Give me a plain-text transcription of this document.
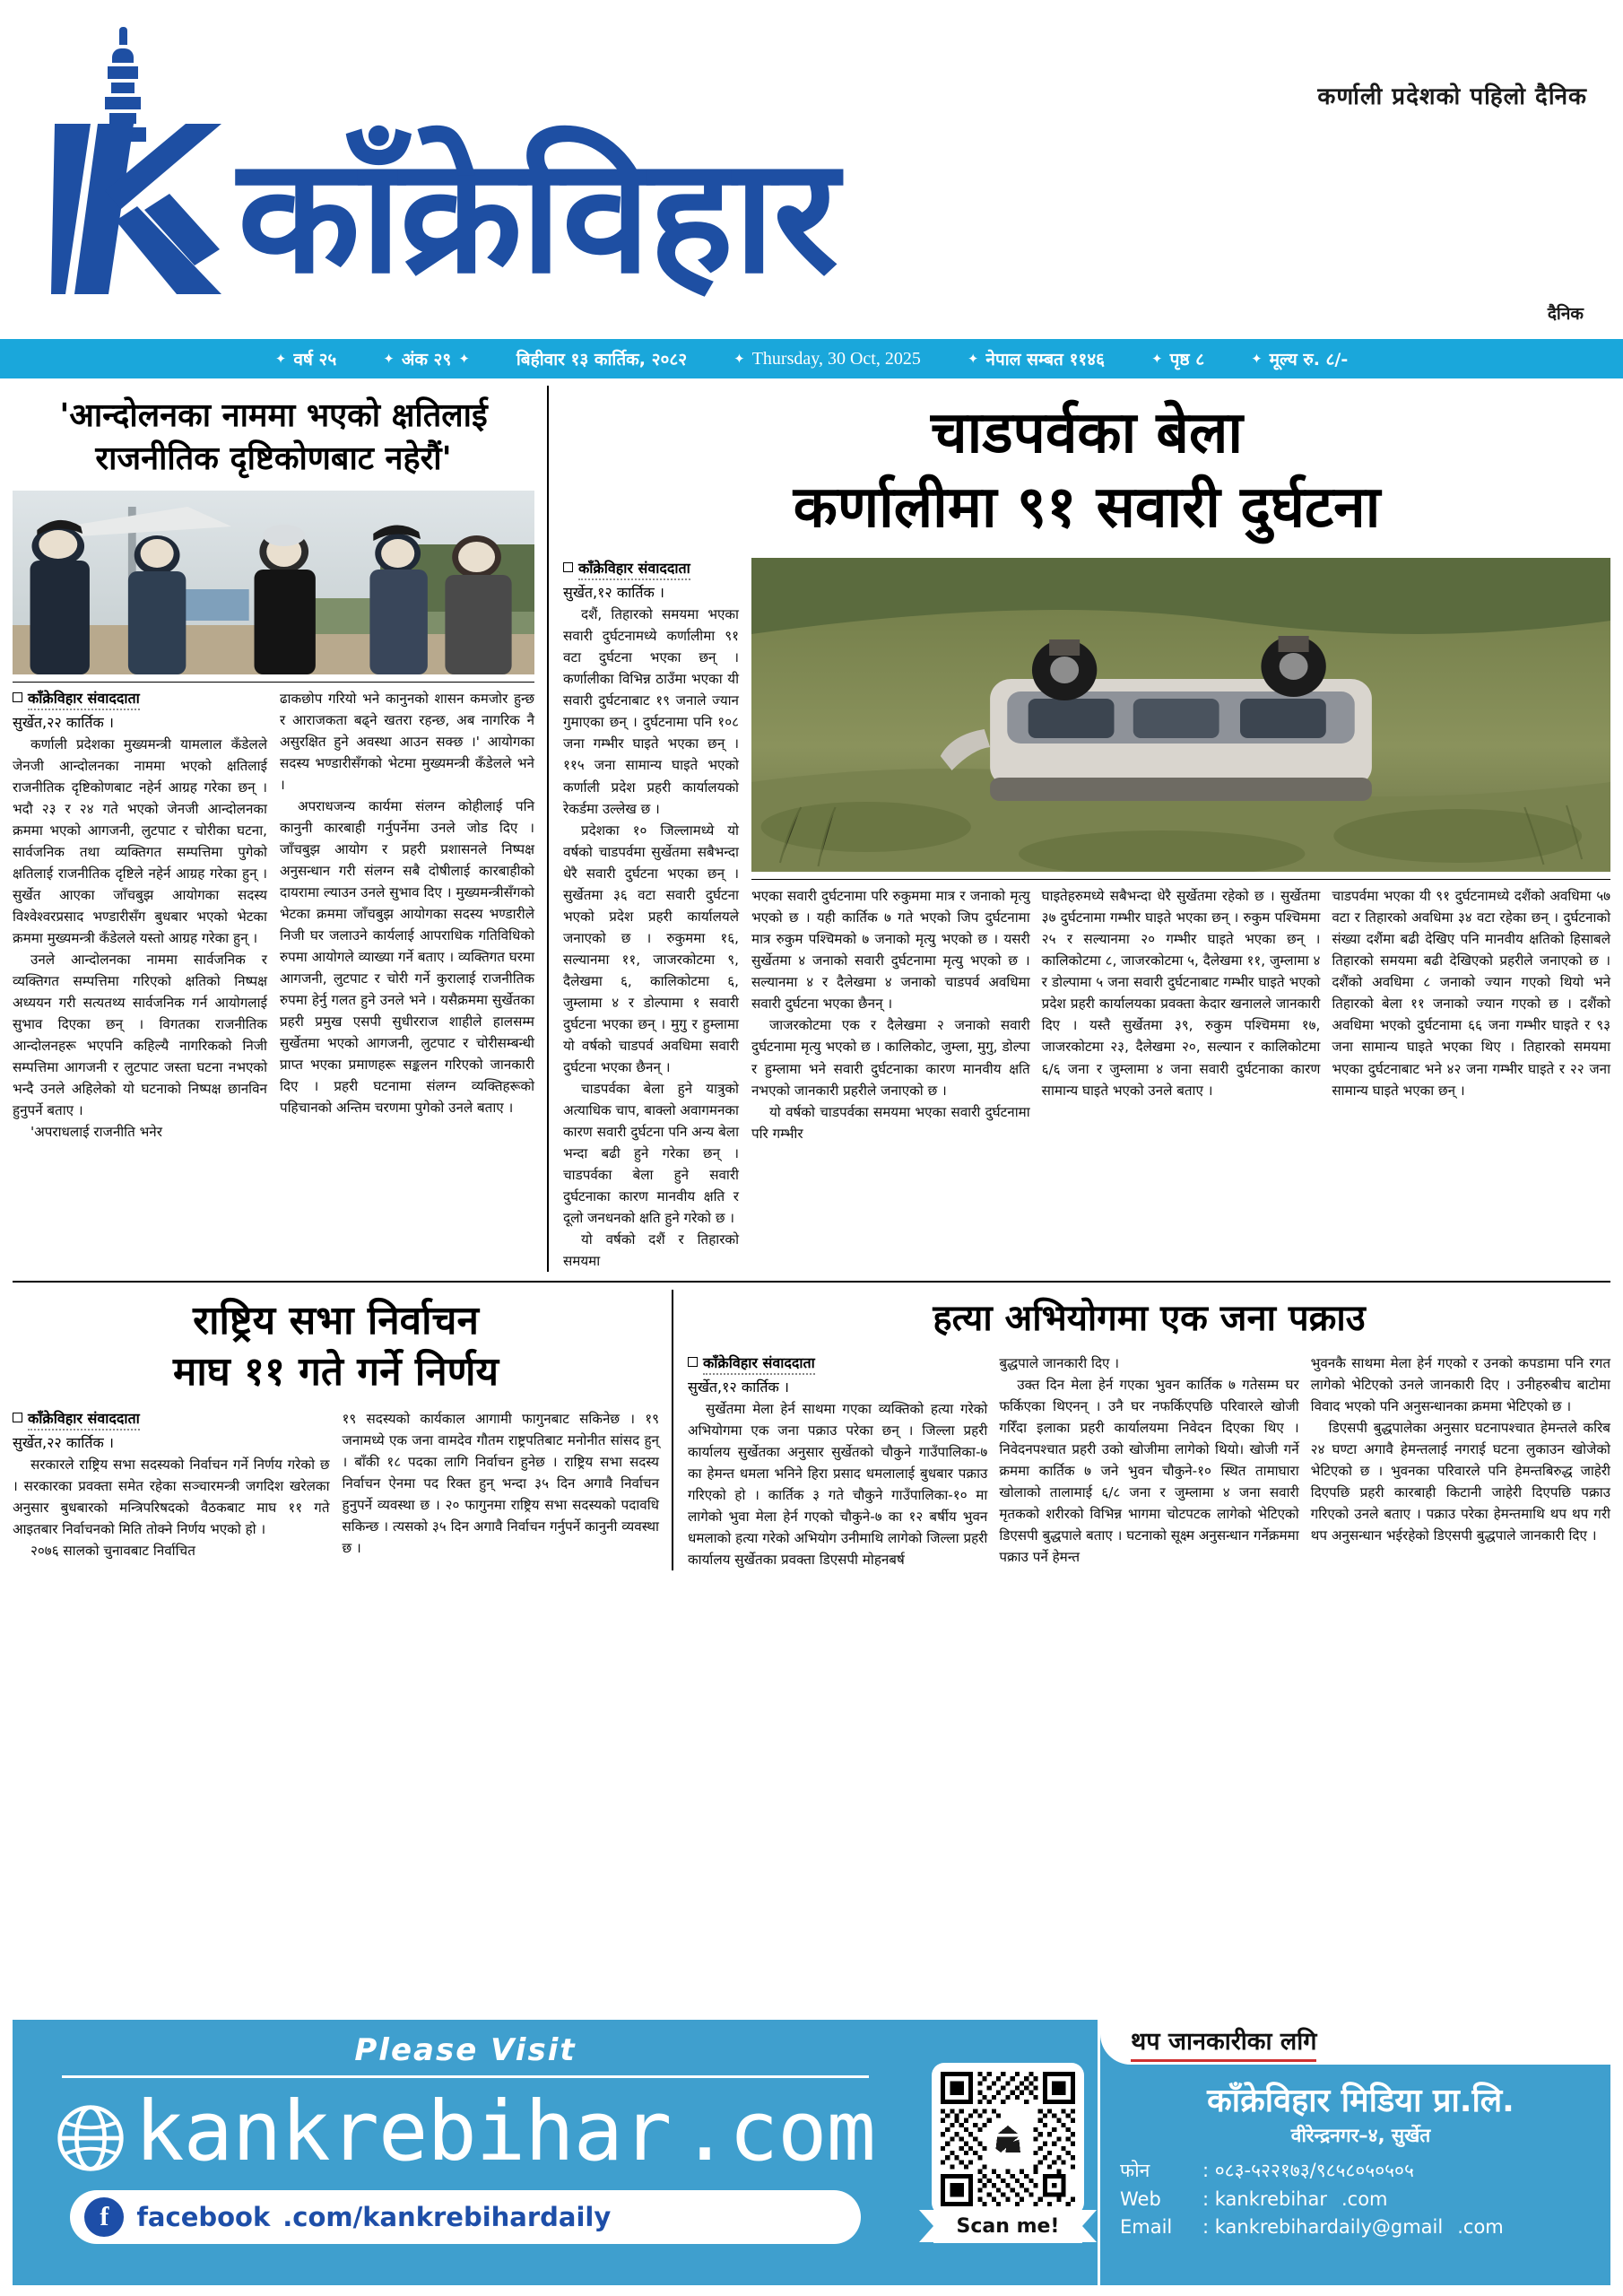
काँक्रेविहार
कर्णाली प्रदेशको पहिलो दैनिक
दैनिक
✦ वर्ष २५	✦ अंक २९ ✦	बिहीवार १३ कार्तिक, २०८२	✦ Thursday, 30 Oct, 2025	✦ नेपाल सम्बत ११४६	✦ पृष्ठ ८	✦ मूल्य रु. ८/-
'आन्दोलनका नाममा भएको क्षतिलाई
राजनीतिक दृष्टिकोणबाट नहेरौं'
काँक्रेविहार संवाददाता
सुर्खेत,२२ कार्तिक ।

कर्णाली प्रदेशका मुख्यमन्त्री यामलाल कँडेलले जेनजी आन्दोलनका नाममा भएको क्षतिलाई राजनीतिक दृष्टिकोणबाट नहेर्न आग्रह गरेका छन् । भदौ २३ र २४ गते भएको जेनजी आन्दोलनका क्रममा भएको आगजनी, लुटपाट र चोरीका घटना, सार्वजनिक तथा व्यक्तिगत सम्पत्तिमा पुगेको क्षतिलाई राजनीतिक दृष्टिले नहेर्न आग्रह गरेका हुन् । सुर्खेत आएका जाँचबुझ आयोगका सदस्य विश्वेश्वरप्रसाद भण्डारीसँग बुधबार भएको भेटका क्रममा मुख्यमन्त्री कँडेलले यस्तो आग्रह गरेका हुन् ।

उनले आन्दोलनका नाममा सार्वजनिक र व्यक्तिगत सम्पत्तिमा गरिएको क्षतिको निष्पक्ष अध्ययन गरी सत्यतथ्य सार्वजनिक गर्न आयोगलाई सुभाव दिएका छन् । विगतका राजनीतिक आन्दोलनहरू भएपनि कहिल्यै नागरिकको निजी सम्पत्तिमा आगजनी र लुटपाट जस्ता घटना नभएको भन्दै उनले अहिलेको यो घटनाको निष्पक्ष छानविन हुनुपर्ने बताए ।

'अपराधलाई राजनीति भनेर

ढाकछोप गरियो भने कानुनको शासन कमजोर हुन्छ र आराजकता बढ्ने खतरा रहन्छ, अब नागरिक नै असुरक्षित हुने अवस्था आउन सक्छ ।' आयोगका सदस्य भण्डारीसँगको भेटमा मुख्यमन्त्री कँडेलले भने ।

अपराधजन्य कार्यमा संलग्न कोहीलाई पनि कानुनी कारबाही गर्नुपर्नेमा उनले जोड दिए । जाँचबुझ आयोग र प्रहरी प्रशासनले निष्पक्ष अनुसन्धान गरी संलग्न सबै दोषीलाई कारबाहीको दायरामा ल्याउन उनले सुभाव दिए । मुख्यमन्त्रीसँगको भेटका क्रममा जाँचबुझ आयोगका सदस्य भण्डारीले निजी घर जलाउने कार्यलाई आपराधिक गतिविधिको रुपमा आयोगले व्याख्या गर्ने बताए । व्यक्तिगत घरमा आगजनी, लुटपाट र चोरी गर्ने कुरालाई राजनीतिक रुपमा हेर्नु गलत हुने उनले भने । यसैक्रममा सुर्खेतका प्रहरी प्रमुख एसपी सुधीरराज शाहीले हालसम्म सुर्खेतमा भएको आगजनी, लुटपाट र चोरीसम्बन्धी प्राप्त भएका प्रमाणहरू सङ्कलन गरिएको जानकारी दिए । प्रहरी घटनामा संलग्न व्यक्तिहरूको पहिचानको अन्तिम चरणमा पुगेको उनले बताए ।

चाडपर्वका बेला
कर्णालीमा ९१ सवारी दुर्घटना
काँक्रेविहार संवाददाता
सुर्खेत,१२ कार्तिक ।

दशैं, तिहारको समयमा भएका सवारी दुर्घटनामध्ये कर्णालीमा ९१ वटा दुर्घटना भएका छन् । कर्णालीका विभिन्न ठाउँमा भएका यी सवारी दुर्घटनाबाट १९ जनाले ज्यान गुमाएका छन् । दुर्घटनामा पनि १०८ जना गम्भीर घाइते भएका छन् । ११५ जना सामान्य घाइते भएको कर्णाली प्रदेश प्रहरी कार्यालयको रेकर्डमा उल्लेख छ ।

प्रदेशका १० जिल्लामध्ये यो वर्षको चाडपर्वमा सुर्खेतमा सबैभन्दा धेरै सवारी दुर्घटना भएका छन् । सुर्खेतमा ३६ वटा सवारी दुर्घटना भएको प्रदेश प्रहरी कार्यालयले जनाएको छ । रुकुममा १६, सल्यानमा ११, जाजरकोटमा ९, दैलेखमा ६, कालिकोटमा ६, जुम्लामा ४ र डोल्पामा १ सवारी दुर्घटना भएका छन् । मुगु र हुम्लामा यो वर्षको चाडपर्व अवधिमा सवारी दुर्घटना भएका छैनन् ।

चाडपर्वका बेला हुने यात्रुको अत्याधिक चाप, बाक्लो अवागमनका कारण सवारी दुर्घटना पनि अन्य बेला भन्दा बढी हुने गरेका छन् । चाडपर्वका बेला हुने सवारी दुर्घटनाका कारण मानवीय क्षति र दूलो जनधनको क्षति हुने गरेको छ ।

यो वर्षको दशैं र तिहारको समयमा

भएका सवारी दुर्घटनामा परि रुकुममा मात्र र जनाको मृत्यु भएको छ । यही कार्तिक ७ गते भएको जिप दुर्घटनामा मात्र रुकुम पश्चिमको ७ जनाको मृत्यु भएको छ । यसरी सुर्खेतमा ४ जनाको सवारी दुर्घटनामा मृत्यु भएको छ । सल्यानमा ४ र दैलेखमा ४ जनाको चाडपर्व अवधिमा सवारी दुर्घटना भएका छैनन् ।

जाजरकोटमा एक र दैलेखमा २ जनाको सवारी दुर्घटनामा मृत्यु भएको छ । कालिकोट, जुम्ला, मुगु, डोल्पा र हुम्लामा भने सवारी दुर्घटनाका कारण मानवीय क्षति नभएको जानकारी प्रहरीले जनाएको छ ।

यो वर्षको चाडपर्वका समयमा भएका सवारी दुर्घटनामा परि गम्भीर

घाइतेहरुमध्ये सबैभन्दा धेरै सुर्खेतमा रहेको छ । सुर्खेतमा ३७ दुर्घटनामा गम्भीर घाइते भएका छन् । रुकुम पश्चिममा २५ र सल्यानमा २० गम्भीर घाइते भएका छन् । कालिकोटमा ८, जाजरकोटमा ५, दैलेखमा ११, जुम्लामा ४ र डोल्पामा ५ जना सवारी दुर्घटनाबाट गम्भीर घाइते भएको प्रदेश प्रहरी कार्यालयका प्रवक्ता केदार खनालले जानकारी दिए । यस्तै सुर्खेतमा ३९, रुकुम पश्चिममा १७, जाजरकोटमा २३, दैलेखमा २०, सल्यान र कालिकोटमा ६/६ जना र जुम्लामा ४ जना सवारी दुर्घटनाका कारण सामान्य घाइते भएको उनले बताए ।

चाडपर्वमा भएका यी ९१ दुर्घटनामध्ये दशैंको अवधिमा ५७ वटा र तिहारको अवधिमा ३४ वटा रहेका छन् । दुर्घटनाको संख्या दशैंमा बढी देखिए पनि मानवीय क्षतिको हिसाबले तिहारको समयमा बढी देखिएको प्रहरीले जनाएको छ । दशैंको अवधिमा ८ जनाको ज्यान गएको थियो भने तिहारको बेला ११ जनाको ज्यान गएको छ । दशैंको अवधिमा भएको दुर्घटनामा ६६ जना गम्भीर घाइते र ९३ जना सामान्य घाइते भएका थिए । तिहारको समयमा भएका दुर्घटनाबाट भने ४२ जना गम्भीर घाइते र २२ जना सामान्य घाइते भएका छन् ।

राष्ट्रिय सभा निर्वाचन
माघ ११ गते गर्ने निर्णय
काँक्रेविहार संवाददाता
सुर्खेत,२२ कार्तिक ।

सरकारले राष्ट्रिय सभा सदस्यको निर्वाचन गर्ने निर्णय गरेको छ । सरकारका प्रवक्ता समेत रहेका सञ्चारमन्त्री जगदिश खरेलका अनुसार बुधबारको मन्त्रिपरिषदको वैठकबाट माघ ११ गते आइतबार निर्वाचनको मिति तोक्ने निर्णय भएको हो ।

२०७६ सालको चुनावबाट निर्वाचित

१९ सदस्यको कार्यकाल आगामी फागुनबाट सकिनेछ । १९ जनामध्ये एक जना वामदेव गौतम राष्ट्रपतिबाट मनोनीत सांसद हुन् । बाँकी १८ पदका लागि निर्वाचन हुनेछ । राष्ट्रिय सभा सदस्य निर्वाचन ऐनमा पद रिक्त हुन् भन्दा ३५ दिन अगावै निर्वाचन हुनुपर्ने व्यवस्था छ । २० फागुनमा राष्ट्रिय सभा सदस्यको पदावधि सकिन्छ । त्यसको ३५ दिन अगावै निर्वाचन गर्नुपर्ने कानुनी व्यवस्था छ ।

हत्या अभियोगमा एक जना पक्राउ
काँक्रेविहार संवाददाता
सुर्खेत,१२ कार्तिक ।

सुर्खेतमा मेला हेर्न साथमा गएका व्यक्तिको हत्या गरेको अभियोगमा एक जना पक्राउ परेका छन् । जिल्ला प्रहरी कार्यालय सुर्खेतका अनुसार सुर्खेतको चौकुने गाउँपालिका-७ का हेमन्त धमला भनिने हिरा प्रसाद धमलालाई बुधबार पक्राउ गरिएको हो । कार्तिक ३ गते चौकुने गाउँपालिका-१० मा लागेको भुवा मेला हेर्न गएको चौकुने-७ का १२ बर्षीय भुवन धमलाको हत्या गरेको अभियोग उनीमाथि लागेको जिल्ला प्रहरी कार्यालय सुर्खेतका प्रवक्ता डिएसपी मोहनबर्ष

बुद्धपाले जानकारी दिए ।

उक्त दिन मेला हेर्न गएका भुवन कार्तिक ७ गतेसम्म घर फर्किएका थिएनन् । उनै घर नफर्किएपछि परिवारले खोजी गरिँदा इलाका प्रहरी कार्यालयमा निवेदन दिएका थिए । निवेदनपश्चात प्रहरी उको खोजीमा लागेको थियो। खोजी गर्ने क्रममा कार्तिक ७ जने भुवन चौकुने-१० स्थित तामाघारा खोलाको तालामाई ६/८ जना र जुम्लामा ४ जना सवारी मृतकको शरीरको विभिन्न भागमा चोटपटक लागेको भेटिएको डिएसपी बुद्धपाले बताए । घटनाको सूक्ष्म अनुसन्धान गर्नेक्रममा पक्राउ पर्ने हेमन्त

भुवनकै साथमा मेला हेर्न गएको र उनको कपडामा पनि रगत लागेको भेटिएको उनले जानकारी दिए । उनीहरुबीच बाटोमा विवाद भएको पनि अनुसन्धानका क्रममा भेटिएको छ ।

डिएसपी बुद्धपालेका अनुसार घटनापश्चात हेमन्तले करिब २४ घण्टा अगावै हेमन्तलाई नगराई घटना लुकाउन खोजेको भेटिएको छ । भुवनका परिवारले पनि हेमन्तबिरुद्ध जाहेरी दिएपछि प्रहरी कारबाही किटानी जाहेरी दिएपछि पक्राउ गरिएको उनले बताए । पक्राउ परेका हेमन्तमाथि थप थप गरी थप अनुसन्धान भईरहेको डिएसपी बुद्धपाले जानकारी दिए ।

Please Visit
kankrebihar .com
f	facebook .com/kankrebihardaily	Scan me!
थप जानकारीका लगि
काँक्रेविहार मिडिया प्रा.लि.
वीरेन्द्रनगर–४, सुर्खेत
फोन	: ०८३-५२२१७३/९८५८०५०५०५
Web	: kankrebihar .com
Email	: kankrebihardaily@gmail .com
